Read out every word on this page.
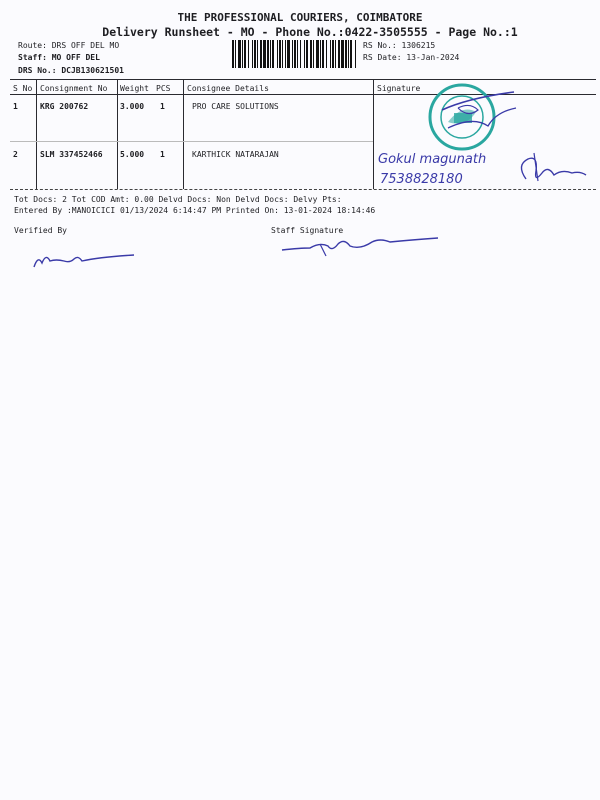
THE PROFESSIONAL COURIERS, COIMBATORE
Delivery Runsheet - MO - Phone No.:0422-3505555 - Page No.:1
Route: DRS OFF DEL MO
Staff: MO OFF DEL
DRS No.: DCJB130621501
RS No.: 1306215
RS Date: 13-Jan-2024
S No Consignment No Weight PCS Consignee Details	Signature
1	KRG 200762	3.000 1	PRO CARE SOLUTIONS
2	SLM 337452466 5.000 1	KARTHICK NATARAJAN	Gokul magunath
7538828180
Tot Docs: 2 Tot COD Amt: 0.00 Delvd Docs: Non Delvd Docs: Delvy Pts:
Entered By :MANOICICI 01/13/2024 6:14:47 PM Printed On: 13-01-2024 18:14:46
Verified By	Staff Signature
